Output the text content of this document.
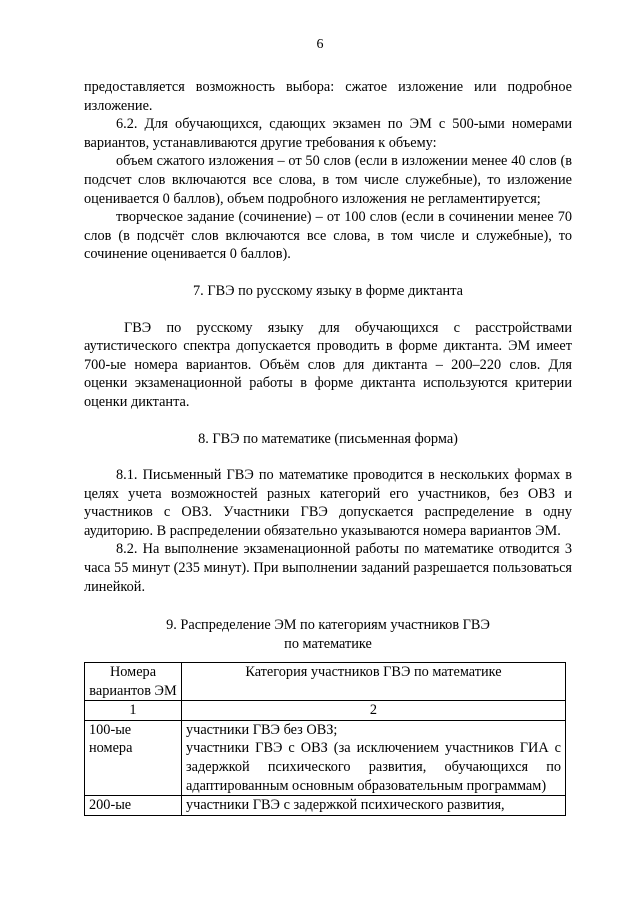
6

предоставляется возможность выбора: сжатое изложение или подробное изложение.

6.2. Для обучающихся, сдающих экзамен по ЭМ с 500-ыми номерами вариантов, устанавливаются другие требования к объему:

объем сжатого изложения – от 50 слов (если в изложении менее 40 слов (в подсчет слов включаются все слова, в том числе служебные), то изложение оценивается 0 баллов), объем подробного изложения не регламентируется;

творческое задание (сочинение) – от 100 слов (если в сочинении менее 70 слов (в подсчёт слов включаются все слова, в том числе и служебные), то сочинение оценивается 0 баллов).

7. ГВЭ по русскому языку в форме диктанта

ГВЭ по русскому языку для обучающихся с расстройствами аутистического спектра допускается проводить в форме диктанта. ЭМ имеет 700-ые номера вариантов. Объём слов для диктанта – 200–220 слов. Для оценки экзаменационной работы в форме диктанта используются критерии оценки диктанта.

8. ГВЭ по математике (письменная форма)

8.1. Письменный ГВЭ по математике проводится в нескольких формах в целях учета возможностей разных категорий его участников, без ОВЗ и участников с ОВЗ. Участники ГВЭ допускается распределение в одну аудиторию. В распределении обязательно указываются номера вариантов ЭМ.

8.2. На выполнение экзаменационной работы по математике отводится 3 часа 55 минут (235 минут). При выполнении заданий разрешается пользоваться линейкой.

9. Распределение ЭМ по категориям участников ГВЭ
по математике

Номера вариантов ЭМ	Категория участников ГВЭ по математике
1	2
100-ые номера	участники ГВЭ без ОВЗ;
участники ГВЭ с ОВЗ (за исключением участников ГИА с задержкой психического развития, обучающихся по адаптированным основным образовательным программам)

200-ые	участники ГВЭ с задержкой психического развития,
